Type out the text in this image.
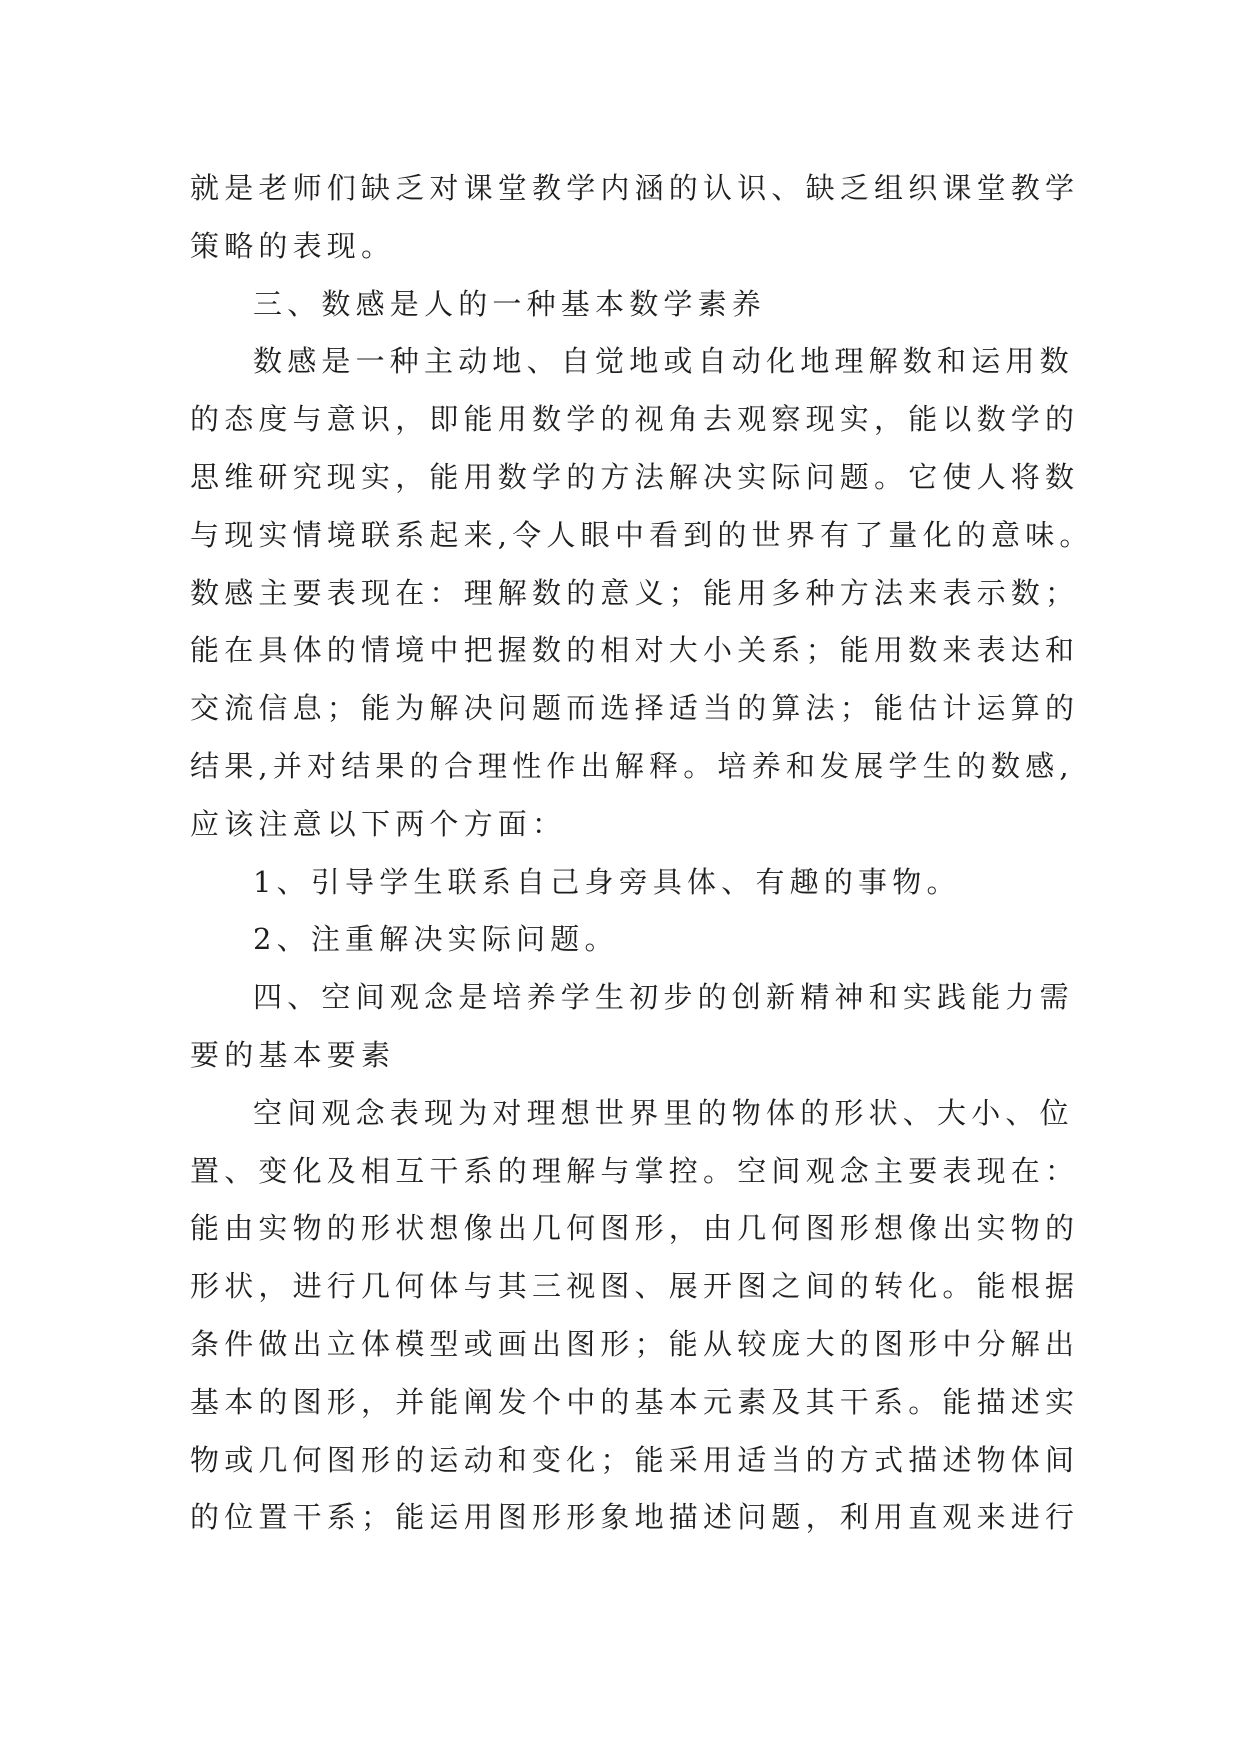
就是老师们缺乏对课堂教学内涵的认识、缺乏组织课堂教学
策略的表现。
三、数感是人的一种基本数学素养
数感是一种主动地、自觉地或自动化地理解数和运用数
的态度与意识，即能用数学的视角去观察现实，能以数学的
思维研究现实，能用数学的方法解决实际问题。它使人将数
与现实情境联系起来,令人眼中看到的世界有了量化的意味。
数感主要表现在：理解数的意义；能用多种方法来表示数；
能在具体的情境中把握数的相对大小关系；能用数来表达和
交流信息；能为解决问题而选择适当的算法；能估计运算的
结果,并对结果的合理性作出解释。培养和发展学生的数感,
应该注意以下两个方面：
1、引导学生联系自己身旁具体、有趣的事物。
2、注重解决实际问题。
四、空间观念是培养学生初步的创新精神和实践能力需
要的基本要素
空间观念表现为对理想世界里的物体的形状、大小、位
置、变化及相互干系的理解与掌控。空间观念主要表现在：
能由实物的形状想像出几何图形，由几何图形想像出实物的
形状，进行几何体与其三视图、展开图之间的转化。能根据
条件做出立体模型或画出图形；能从较庞大的图形中分解出
基本的图形，并能阐发个中的基本元素及其干系。能描述实
物或几何图形的运动和变化；能采用适当的方式描述物体间
的位置干系；能运用图形形象地描述问题，利用直观来进行
